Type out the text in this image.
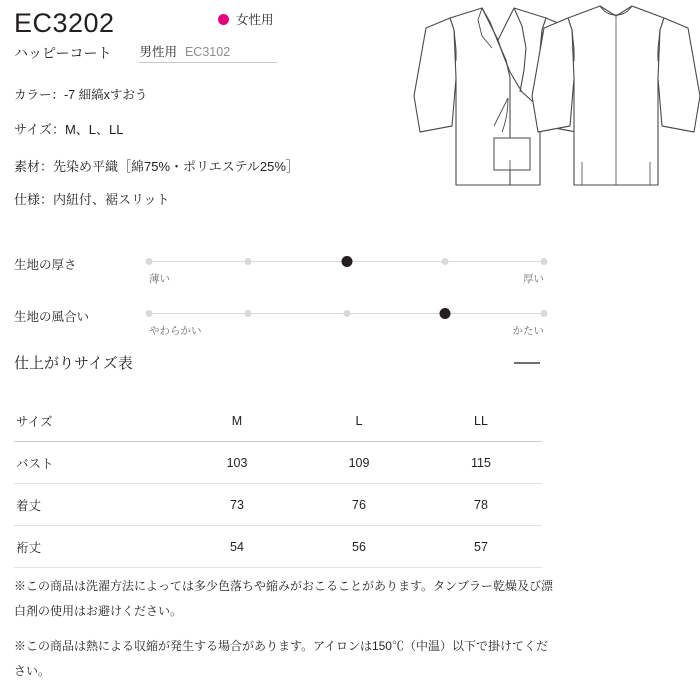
EC3202
ハッピーコート 男性用 EC3102
女性用
カラー：-7 細縞xすおう
サイズ：M、L、LL
素材：先染め平織［綿75%・ポリエステル25%］
仕様：内紐付、裾スリット
生地の厚さ
薄い	厚い
生地の風合い
やわらかい	かたい
仕上がりサイズ表
サイズ	M	L	LL
バスト	103	109	115
着丈	73	76	78
裄丈	54	56	57
※この商品は洗濯方法によっては多少色落ちや縮みがおこることがあります。タンブラー乾燥及び漂白剤の使用はお避けください。
※この商品は熱による収縮が発生する場合があります。アイロンは150℃（中温）以下で掛けてください。
